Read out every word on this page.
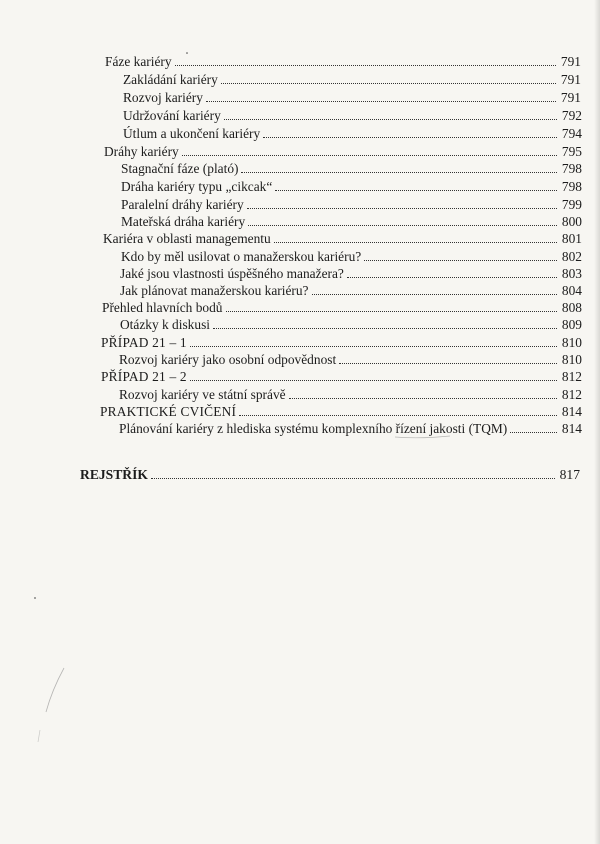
Fáze kariéry	791
Zakládání kariéry	791
Rozvoj kariéry	791
Udržování kariéry	792
Útlum a ukončení kariéry	794
Dráhy kariéry	795
Stagnační fáze (plató)	798
Dráha kariéry typu „cikcak“	798
Paralelní dráhy kariéry	799
Mateřská dráha kariéry	800
Kariéra v oblasti managementu	801
Kdo by měl usilovat o manažerskou kariéru?	802
Jaké jsou vlastnosti úspěšného manažera?	803
Jak plánovat manažerskou kariéru?	804
Přehled hlavních bodů	808
Otázky k diskusi	809
PŘÍPAD 21 – 1	810
Rozvoj kariéry jako osobní odpovědnost	810
PŘÍPAD 21 – 2	812
Rozvoj kariéry ve státní správě	812
PRAKTICKÉ CVIČENÍ	814
Plánování kariéry z hlediska systému komplexního řízení jakosti (TQM)	814
REJSTŘÍK	817
